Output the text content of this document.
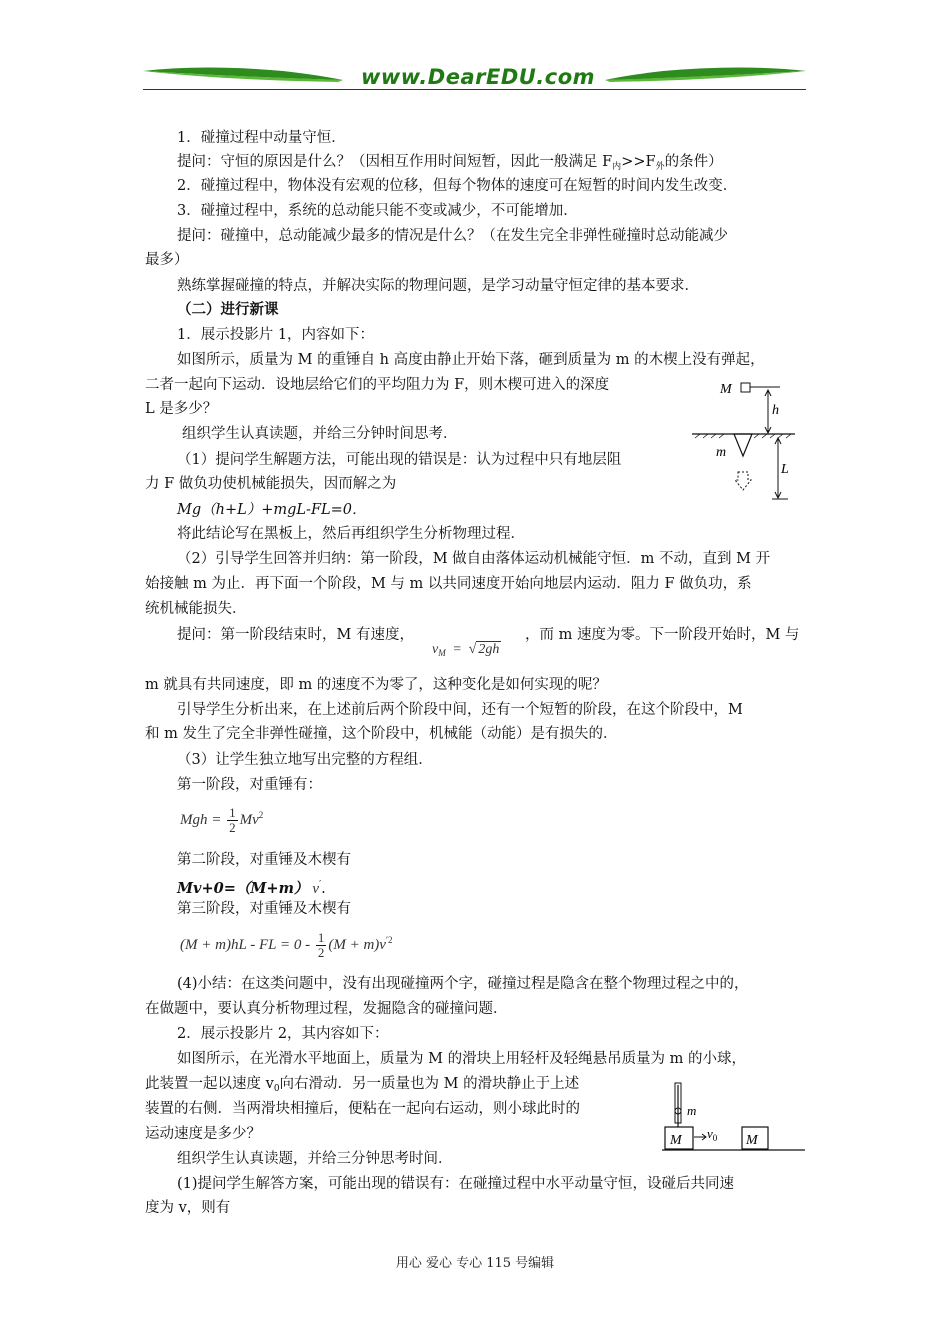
www.DearEDU.com
1．碰撞过程中动量守恒．
提问：守恒的原因是什么？（因相互作用时间短暂，因此一般满足 $F_内>>F_外$的条件）
2．碰撞过程中，物体没有宏观的位移，但每个物体的速度可在短暂的时间内发生改变．
3．碰撞过程中，系统的总动能只能不变或减少，不可能增加．
提问：碰撞中，总动能减少最多的情况是什么？（在发生完全非弹性碰撞时总动能减少
最多）
熟练掌握碰撞的特点，并解决实际的物理问题，是学习动量守恒定律的基本要求．
（二）进行新课
1．展示投影片 1，内容如下：
如图所示，质量为 M 的重锤自 h 高度由静止开始下落，砸到质量为 m 的木楔上没有弹起，
二者一起向下运动．设地层给它们的平均阻力为 F，则木楔可进入的深度
L 是多少？
组织学生认真读题，并给三分钟时间思考．
（1）提问学生解题方法，可能出现的错误是：认为过程中只有地层阻
力 F 做负功使机械能损失，因而解之为
Mg（h+L）+mgL-FL=0．
将此结论写在黑板上，然后再组织学生分析物理过程．
（2）引导学生回答并归纳：第一阶段，M 做自由落体运动机械能守恒．m 不动，直到 M 开
始接触 m 为止．再下面一个阶段，M 与 m 以共同速度开始向地层内运动．阻力 F 做负功，系
统机械能损失．
提问：第一阶段结束时，M 有速度，
$v_M$ = √ 2gh
，而 m 速度为零。下一阶段开始时，M 与
m 就具有共同速度，即 m 的速度不为零了，这种变化是如何实现的呢？
引导学生分析出来，在上述前后两个阶段中间，还有一个短暂的阶段，在这个阶段中，M
和 m 发生了完全非弹性碰撞，这个阶段中，机械能（动能）是有损失的．
（3）让学生独立地写出完整的方程组．
第一阶段，对重锤有：
Mgh = $\frac{1}{2} Mv^2$
第二阶段，对重锤及木楔有
Mv+0=（M+m） v′.
第三阶段，对重锤及木楔有
(M + m)hL - FL = $0 - \frac{1}{2} (M + m)v^{'2}$
(4)小结：在这类问题中，没有出现碰撞两个字，碰撞过程是隐含在整个物理过程之中的，
在做题中，要认真分析物理过程，发掘隐含的碰撞问题．
2．展示投影片 2，其内容如下：
如图所示，在光滑水平地面上，质量为 M 的滑块上用轻杆及轻绳悬吊质量为 m 的小球，
此装置一起以速度 $v_0$向右滑动．另一质量也为 M 的滑块静止于上述
装置的右侧．当两滑块相撞后，便粘在一起向右运动，则小球此时的
运动速度是多少？
组织学生认真读题，并给三分钟思考时间．
(1)提问学生解答方案，可能出现的错误有：在碰撞过程中水平动量守恒，设碰后共同速
度为 v，则有
M
h
m
L
m
M $v_0$ M
用心 爱心 专心 115 号编辑
